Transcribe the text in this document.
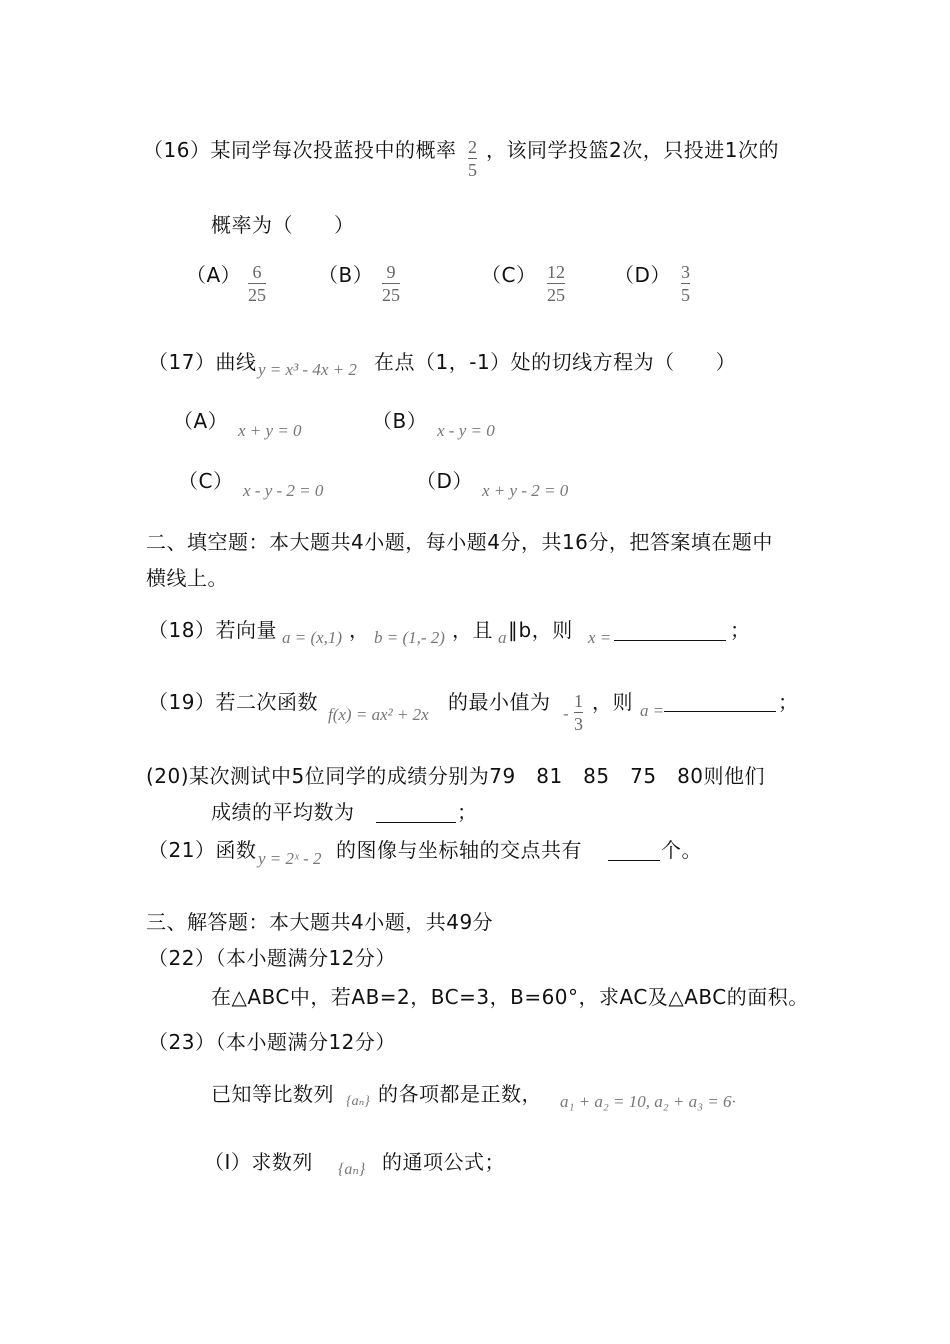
（16）某同学每次投蓝投中的概率 2
5
，该同学投篮2次，只投进1次的
概率为（　　）
（A） 6
25
（B） 9
25
（C） 12
25
（D） 3
5
（17）曲线 y = x³ - 4x + 2 在点（1，-1）处的切线方程为（　　）
（A） x + y = 0	（B） x - y = 0
（C） x - y - 2 = 0	（D） x + y - 2 = 0
二、填空题：本大题共4小题，每小题4分，共16分，把答案填在题中
横线上。
（18）若向量 a = (x,1) ， b = (1,- 2) ，且 a ∥b，则 x =	；
（19）若二次函数
f(x) = ax² + 2x
的最小值为 -
1
3
，则 a =	；
(20)某次测试中5位同学的成绩分别为79　81　85　75　80则他们
成绩的平均数为	；
（21）函数 y = 2ˣ - 2 的图像与坐标轴的交点共有	个。
三、解答题：本大题共4小题，共49分
（22）（本小题满分12分）
在△ABC中，若AB=2，BC=3，B=60°，求AC及△ABC的面积。
（23）（本小题满分12分）
已知等比数列 {aₙ} 的各项都是正数， a₁ + a₂ = 10, a₂ + a₃ = 6·
（Ⅰ）求数列 {aₙ} 的通项公式；
